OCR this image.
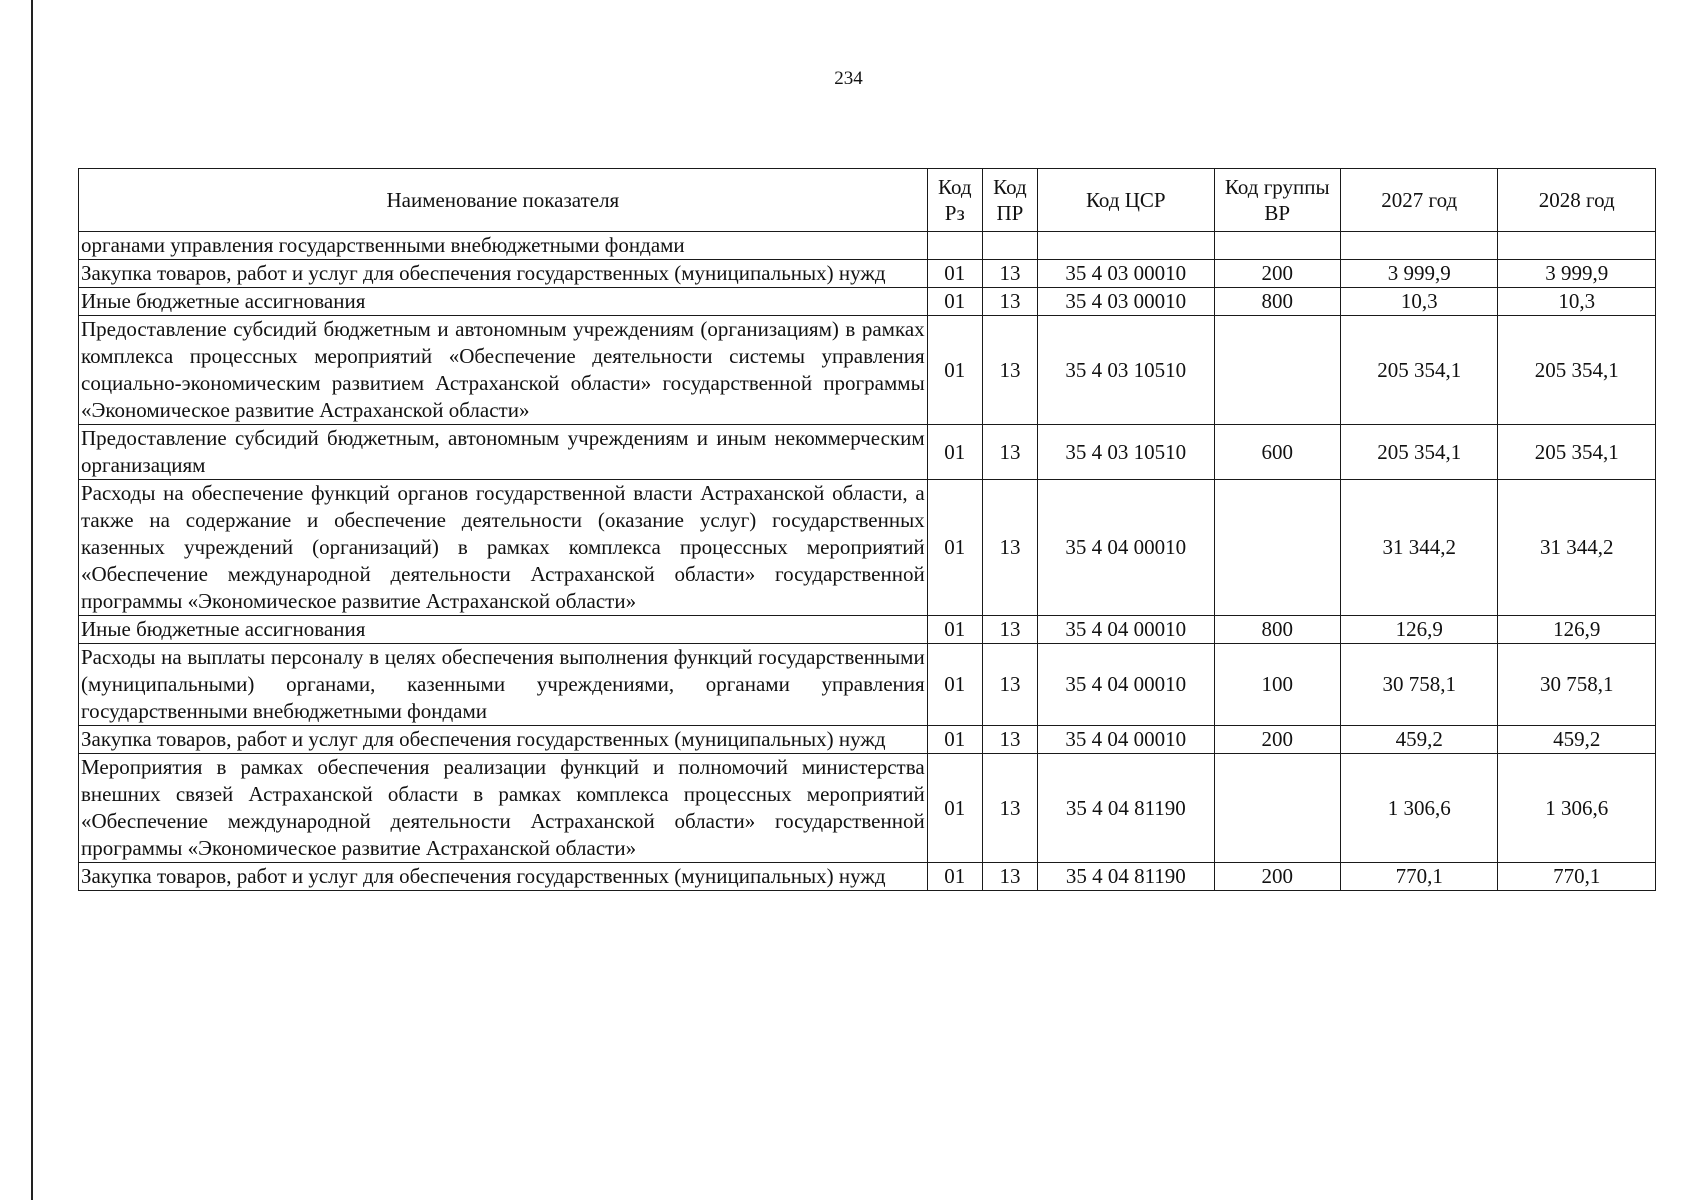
234
Наименование показателя	Код Рз	Код ПР	Код ЦСР	Код группы ВР	2027 год	2028 год
органами управления государственными внебюджетными фондами						
Закупка товаров, работ и услуг для обеспечения государственных (муниципальных) нужд	01	13	35 4 03 00010	200	3 999,9	3 999,9
Иные бюджетные ассигнования	01	13	35 4 03 00010	800	10,3	10,3
Предоставление субсидий бюджетным и автономным учреждениям (организациям) в рамках комплекса процессных мероприятий «Обеспечение деятельности системы управления социально-экономическим развитием Астраханской области» государственной программы «Экономическое развитие Астраханской области»	01	13	35 4 03 10510		205 354,1	205 354,1
Предоставление субсидий бюджетным, автономным учреждениям и иным некоммерческим организациям	01	13	35 4 03 10510	600	205 354,1	205 354,1
Расходы на обеспечение функций органов государственной власти Астраханской области, а также на содержание и обеспечение деятельности (оказание услуг) государственных казенных учреждений (организаций) в рамках комплекса процессных мероприятий «Обеспечение международной деятельности Астраханской области» государственной программы «Экономическое развитие Астраханской области»	01	13	35 4 04 00010		31 344,2	31 344,2
Иные бюджетные ассигнования	01	13	35 4 04 00010	800	126,9	126,9
Расходы на выплаты персоналу в целях обеспечения выполнения функций государственными (муниципальными) органами, казенными учреждениями, органами управления государственными внебюджетными фондами	01	13	35 4 04 00010	100	30 758,1	30 758,1
Закупка товаров, работ и услуг для обеспечения государственных (муниципальных) нужд	01	13	35 4 04 00010	200	459,2	459,2
Мероприятия в рамках обеспечения реализации функций и полномочий министерства внешних связей Астраханской области в рамках комплекса процессных мероприятий «Обеспечение международной деятельности Астраханской области» государственной программы «Экономическое развитие Астраханской области»	01	13	35 4 04 81190		1 306,6	1 306,6
Закупка товаров, работ и услуг для обеспечения государственных (муниципальных) нужд	01	13	35 4 04 81190	200	770,1	770,1
